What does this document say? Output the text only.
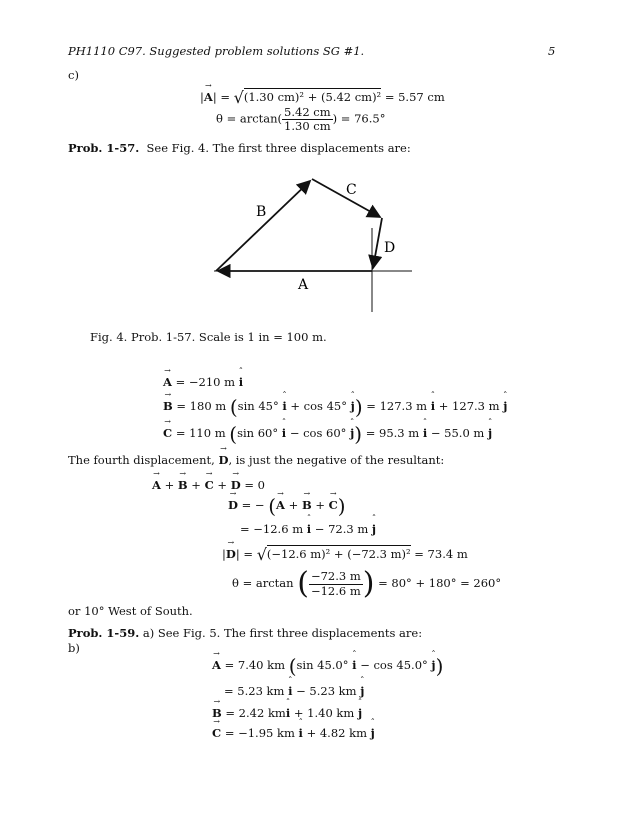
PH1110 C97. Suggested problem solutions SG #1.	5
c)
|→ A| = √(1.30 cm)² + (5.42 cm)² = 5.57 cm
$\theta = \arctan( \frac{5.42 cm}{1.30 cm}$ ) = 76.5°
Prob. 1-57. See Fig. 4. The first three displacements are:
B
C
D
A
Fig. 4. Prob. 1-57. Scale is 1 in = 100 m.
→ A = −210 m ˆ i
→ B = 180 m (sin 45° ˆ i + cos 45° ˆ j) = 127.3 m ˆ i + 127.3 m ˆ j
→ C = 110 m (sin 60° ˆ i − cos 60° ˆ j) = 95.3 m ˆ i − 55.0 m ˆ j
The fourth displacement, → D, is just the negative of the resultant:
→ A + → B + → C + → D = 0
→ D = − (→ A + → B + → C)
= −12.6 m ˆ i − 72.3 m ˆ j
|→ D| = √(−12.6 m)² + (−72.3 m)² = 73.4 m
θ = arctan ( $\frac{-72.3 m}{-12.6 m}$ ) = 80° + 180° = 260°
or 10° West of South.
Prob. 1-59. a) See Fig. 5. The first three displacements are:
b)
→ A = 7.40 km (sin 45.0° ˆ i − cos 45.0° ˆ j)
= 5.23 km ˆ i − 5.23 km ˆ j
→ B = 2.42 kmˆ i + 1.40 km ˆ j
→ C = −1.95 km ˆ i + 4.82 km ˆ j
